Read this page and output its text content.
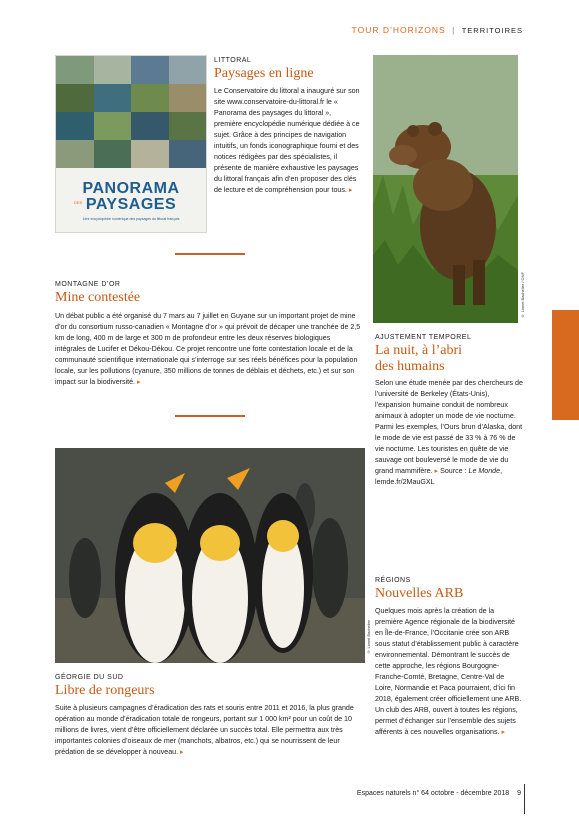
TOUR D’HORIZONS | TERRITOIRES
PANORAMA
DES PAYSAGES
1ère encyclopédie numérique des paysages du littoral français
LITTORAL
Paysages en ligne
Le Conservatoire du littoral a inauguré sur son site www.conservatoire-du-littoral.fr le « Panorama des paysages du littoral », première encyclopédie numérique dédiée à ce sujet. Grâce à des principes de navigation intuitifs, un fonds iconographique fourni et des notices rédigées par des spécialistes, il présente de manière exhaustive les paysages du littoral français afin d’en proposer des clés de lecture et de compréhension pour tous. ▸
MONTAGNE D’OR
Mine contestée
Un débat public a été organisé du 7 mars au 7 juillet en Guyane sur un important projet de mine d’or du consortium russo-canadien « Montagne d’or » qui prévoit de décaper une tranchée de 2,5 km de long, 400 m de large et 300 m de profondeur entre les deux réserves biologiques intégrales de Lucifer et Dékou-Dékou. Ce projet rencontre une forte contestation locale et de la communauté scientifique internationale qui s’interroge sur ses réels bénéfices pour la population locale, sur les pollutions (cyanure, 350 millions de tonnes de déblais et déchets, etc.) et sur son impact sur la biodiversité. ▸
© Lionel Bachelier / ONF
AJUSTEMENT TEMPOREL
La nuit, à l’abri
des humains
Selon une étude menée par des chercheurs de l’université de Berkeley (États-Unis), l’expansion humaine conduit de nombreux animaux à adopter un mode de vie nocturne. Parmi les exemples, l’Ours brun d’Alaska, dont le mode de vie est passé de 33 % à 76 % de vie nocturne. Les touristes en quête de vie sauvage ont bouleversé le mode de vie du grand mammifère. ▸ Source : Le Monde, lemde.fr/2MauGXL
© Lionel Bachelier
GÉORGIE DU SUD
Libre de rongeurs
Suite à plusieurs campagnes d’éradication des rats et souris entre 2011 et 2016, la plus grande opération au monde d’éradication totale de rongeurs, portant sur 1 000 km² pour un coût de 10 millions de livres, vient d’être officiellement déclarée un succès total. Elle permettra aux très importantes colonies d’oiseaux de mer (manchots, albatros, etc.) qui se nourrissent de leur prédation de se développer à nouveau. ▸
RÉGIONS
Nouvelles ARB
Quelques mois après la création de la première Agence régionale de la biodiversité en Île-de-France, l’Occitanie crée son ARB sous statut d’établissement public à caractère environnemental. Démontrant le succès de cette approche, les régions Bourgogne-Franche-Comté, Bretagne, Centre-Val de Loire, Normandie et Paca pourraient, d’ici fin 2018, également créer officiellement une ARB. Un club des ARB, ouvert à toutes les régions, permet d’échanger sur l’ensemble des sujets afférents à ces nouvelles organisations. ▸
Espaces naturels n° 64 octobre - décembre 2018 9
